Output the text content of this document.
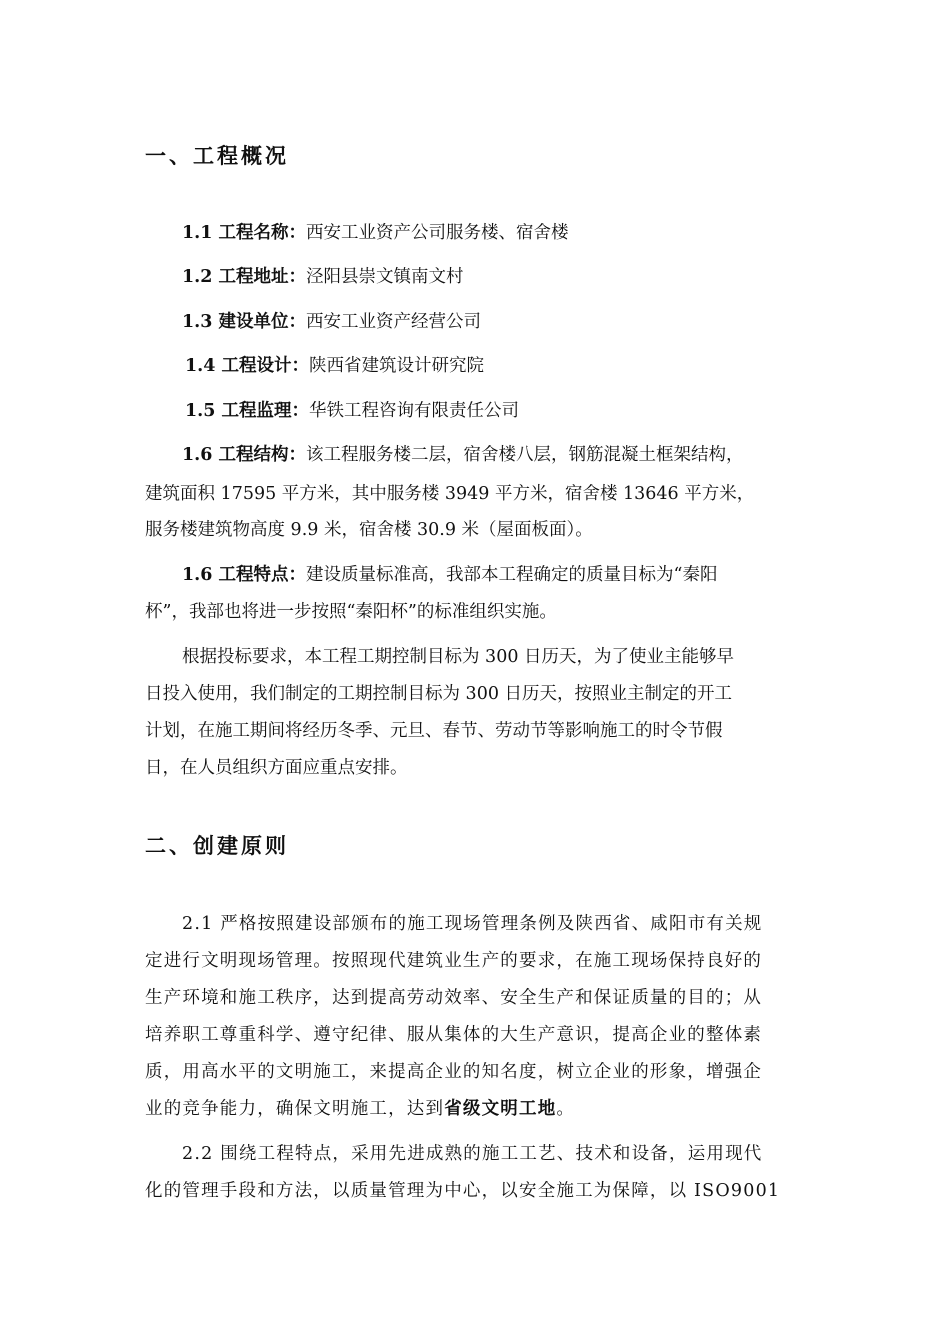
一、工程概况

1.1 工程名称：西安工业资产公司服务楼、宿舍楼

1.2 工程地址：泾阳县崇文镇南文村

1.3 建设单位：西安工业资产经营公司

1.4 工程设计：陕西省建筑设计研究院

1.5 工程监理：华铁工程咨询有限责任公司

1.6 工程结构：该工程服务楼二层，宿舍楼八层，钢筋混凝土框架结构，

建筑面积 17595 平方米，其中服务楼 3949 平方米，宿舍楼 13646 平方米，

服务楼建筑物高度 9.9 米，宿舍楼 30.9 米（屋面板面）。

1.6 工程特点：建设质量标准高，我部本工程确定的质量目标为“秦阳

杯”，我部也将进一步按照“秦阳杯”的标准组织实施。

根据投标要求，本工程工期控制目标为 300 日历天，为了使业主能够早

日投入使用，我们制定的工期控制目标为 300 日历天，按照业主制定的开工

计划，在施工期间将经历冬季、元旦、春节、劳动节等影响施工的时令节假

日，在人员组织方面应重点安排。

二、创建原则

2.1 严格按照建设部颁布的施工现场管理条例及陕西省、咸阳市有关规

定进行文明现场管理。按照现代建筑业生产的要求，在施工现场保持良好的

生产环境和施工秩序，达到提高劳动效率、安全生产和保证质量的目的；从

培养职工尊重科学、遵守纪律、服从集体的大生产意识，提高企业的整体素

质，用高水平的文明施工，来提高企业的知名度，树立企业的形象，增强企

业的竞争能力，确保文明施工，达到省级文明工地。

2.2 围绕工程特点，采用先进成熟的施工工艺、技术和设备，运用现代

化的管理手段和方法，以质量管理为中心，以安全施工为保障，以 ISO9001
